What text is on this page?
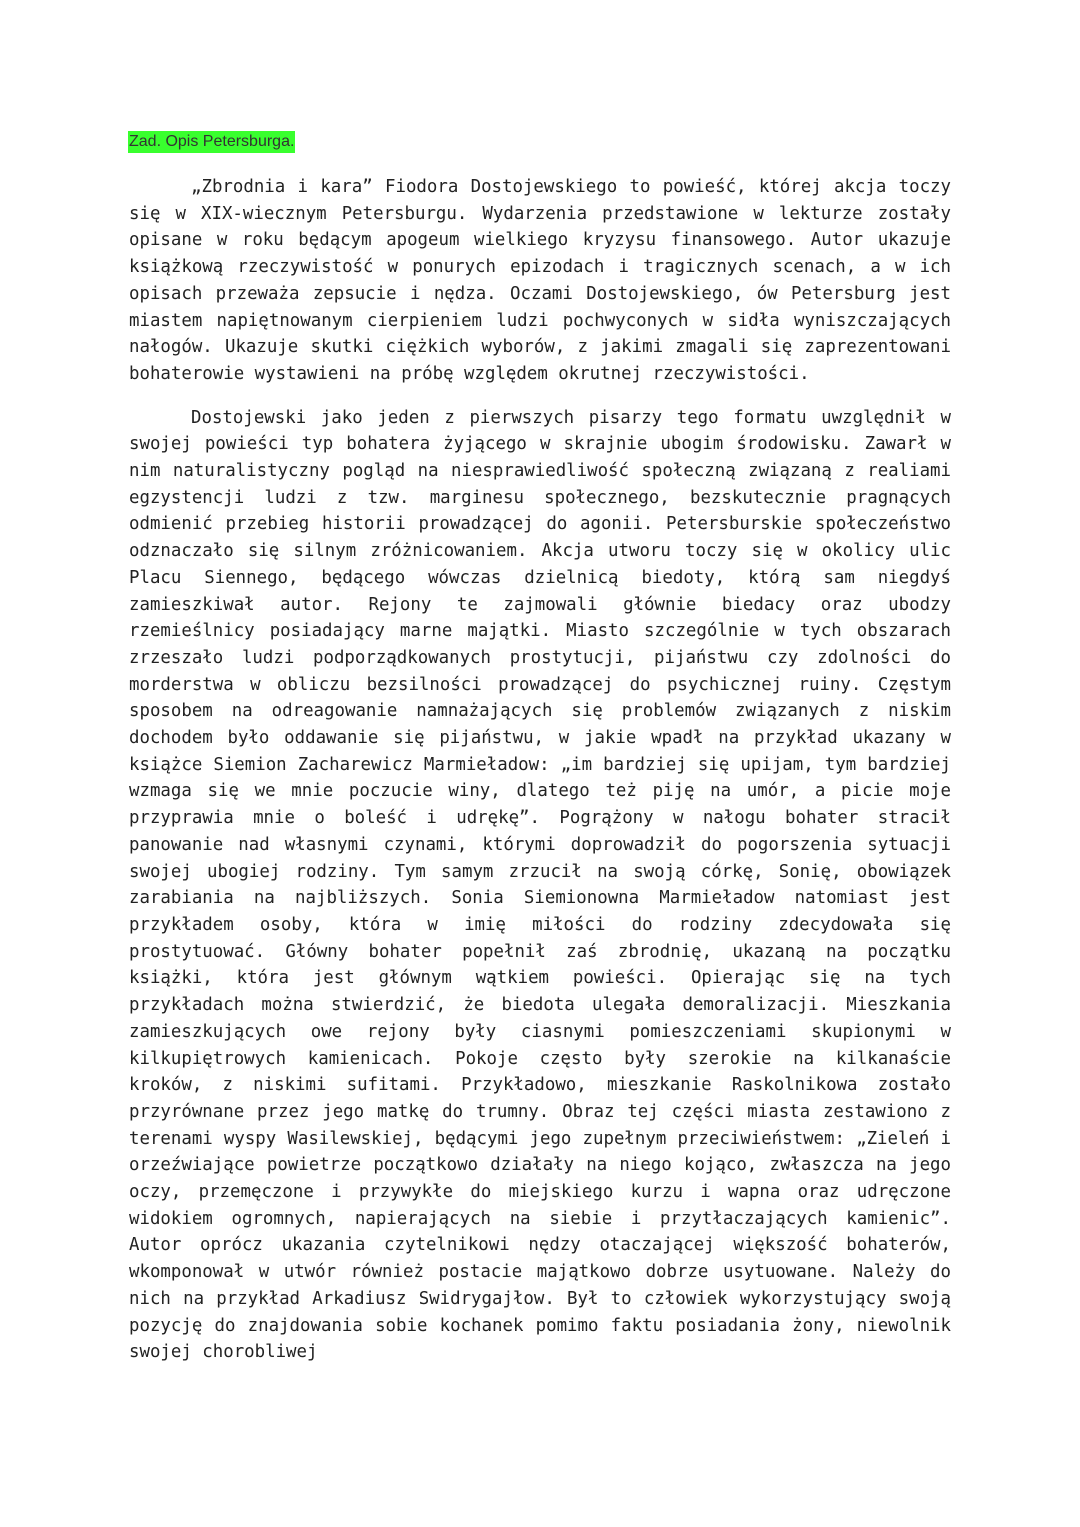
Zad. Opis Petersburga.

„Zbrodnia i kara” Fiodora Dostojewskiego to powieść, której akcja toczy się w XIX-wiecznym Petersburgu. Wydarzenia przedstawione w lekturze zostały opisane w roku będącym apogeum wielkiego kryzysu finansowego. Autor ukazuje książkową rzeczywistość w ponurych epizodach i tragicznych scenach, a w ich opisach przeważa zepsucie i nędza. Oczami Dostojewskiego, ów Petersburg jest miastem napiętnowanym cierpieniem ludzi pochwyconych w sidła wyniszczających nałogów. Ukazuje skutki ciężkich wyborów, z jakimi zmagali się zaprezentowani bohaterowie wystawieni na próbę względem okrutnej rzeczywistości.

Dostojewski jako jeden z pierwszych pisarzy tego formatu uwzględnił w swojej powieści typ bohatera żyjącego w skrajnie ubogim środowisku. Zawarł w nim naturalistyczny pogląd na niesprawiedliwość społeczną związaną z realiami egzystencji ludzi z tzw. marginesu społecznego, bezskutecznie pragnących odmienić przebieg historii prowadzącej do agonii. Petersburskie społeczeństwo odznaczało się silnym zróżnicowaniem. Akcja utworu toczy się w okolicy ulic Placu Siennego, będącego wówczas dzielnicą biedoty, którą sam niegdyś zamieszkiwał autor. Rejony te zajmowali głównie biedacy oraz ubodzy rzemieślnicy posiadający marne majątki. Miasto szczególnie w tych obszarach zrzeszało ludzi podporządkowanych prostytucji, pijaństwu czy zdolności do morderstwa w obliczu bezsilności prowadzącej do psychicznej ruiny. Częstym sposobem na odreagowanie namnażających się problemów związanych z niskim dochodem było oddawanie się pijaństwu, w jakie wpadł na przykład ukazany w książce Siemion Zacharewicz Marmieładow: „im bardziej się upijam, tym bardziej wzmaga się we mnie poczucie winy, dlatego też piję na umór, a picie moje przyprawia mnie o boleść i udrękę”. Pogrążony w nałogu bohater stracił panowanie nad własnymi czynami, którymi doprowadził do pogorszenia sytuacji swojej ubogiej rodziny. Tym samym zrzucił na swoją córkę, Sonię, obowiązek zarabiania na najbliższych. Sonia Siemionowna Marmieładow natomiast jest przykładem osoby, która w imię miłości do rodziny zdecydowała się prostytuować. Główny bohater popełnił zaś zbrodnię, ukazaną na początku książki, która jest głównym wątkiem powieści. Opierając się na tych przykładach można stwierdzić, że biedota ulegała demoralizacji. Mieszkania zamieszkujących owe rejony były ciasnymi pomieszczeniami skupionymi w kilkupiętrowych kamienicach. Pokoje często były szerokie na kilkanaście kroków, z niskimi sufitami. Przykładowo, mieszkanie Raskolnikowa zostało przyrównane przez jego matkę do trumny. Obraz tej części miasta zestawiono z terenami wyspy Wasilewskiej, będącymi jego zupełnym przeciwieństwem: „Zieleń i orzeźwiające powietrze początkowo działały na niego kojąco, zwłaszcza na jego oczy, przemęczone i przywykłe do miejskiego kurzu i wapna oraz udręczone widokiem ogromnych, napierających na siebie i przytłaczających kamienic”. Autor oprócz ukazania czytelnikowi nędzy otaczającej większość bohaterów, wkomponował w utwór również postacie majątkowo dobrze usytuowane. Należy do nich na przykład Arkadiusz Swidrygajłow. Był to człowiek wykorzystujący swoją pozycję do znajdowania sobie kochanek pomimo faktu posiadania żony, niewolnik swojej chorobliwej
